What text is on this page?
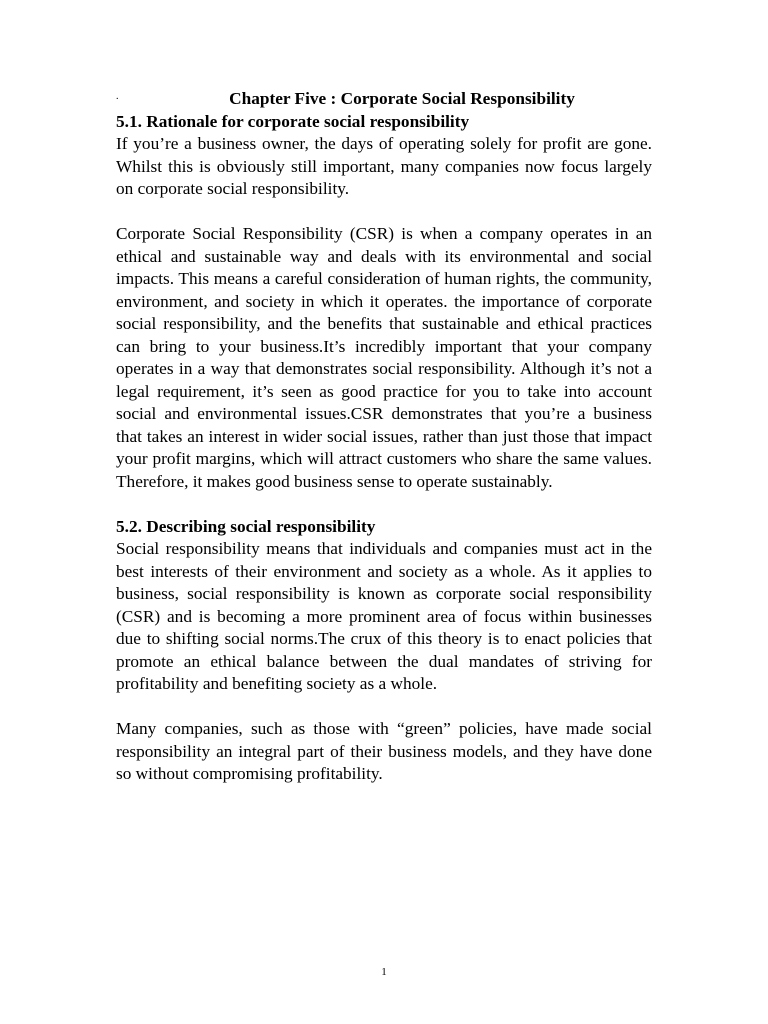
.	Chapter Five : Corporate Social Responsibility

5.1. Rationale for corporate social responsibility

If you’re a business owner, the days of operating solely for profit are gone. Whilst this is obviously still important, many companies now focus largely on corporate social responsibility.

Corporate Social Responsibility (CSR) is when a company operates in an ethical and sustainable way and deals with its environmental and social impacts. This means a careful consideration of human rights, the community, environment, and society in which it operates. the importance of corporate social responsibility, and the benefits that sustainable and ethical practices can bring to your business.It’s incredibly important that your company operates in a way that demonstrates social responsibility. Although it’s not a legal requirement, it’s seen as good practice for you to take into account social and environmental issues.CSR demonstrates that you’re a business that takes an interest in wider social issues, rather than just those that impact your profit margins, which will attract customers who share the same values. Therefore, it makes good business sense to operate sustainably.

5.2. Describing social responsibility

Social responsibility means that individuals and companies must act in the best interests of their environment and society as a whole. As it applies to business, social responsibility is known as corporate social responsibility (CSR) and is becoming a more prominent area of focus within businesses due to shifting social norms.The crux of this theory is to enact policies that promote an ethical balance between the dual mandates of striving for profitability and benefiting society as a whole.

Many companies, such as those with “green” policies, have made social responsibility an integral part of their business models, and they have done so without compromising profitability.

1
